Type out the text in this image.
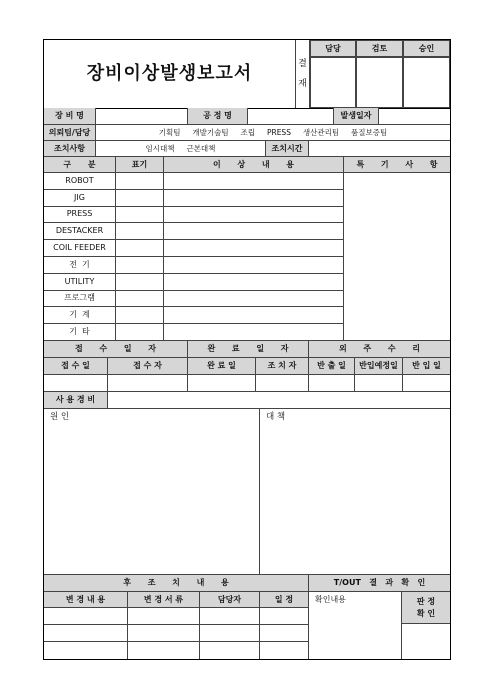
장비이상발생보고서	결
재
담당	검토	승인
장 비 명	공 정 명	발생일자
의뢰팀/담당	기획팀     개발기술팀     조립     PRESS     생산관리팀     품질보증팀
조치사항	임시대책     근본대책	조치시간
구      분	표기	이      상      내      용	특      기      사      항
ROBOT
JIG
PRESS
DESTACKER
COIL FEEDER
전  기
UTILITY
프로그램
기  계
기  타
접      수      일      자	완      료      일      자	외      주      수      리
접 수 일	접 수 자	완 료 일	조 치 자	반 출 일	반입예정일	반 입 일
사 용 경 비
원 인	대 책
후      조      치      내      용	T/OUT   결   과   확   인
변 경 내 용	변 경 서 류	담당자	일 정	확인내용	판 정
확 인
